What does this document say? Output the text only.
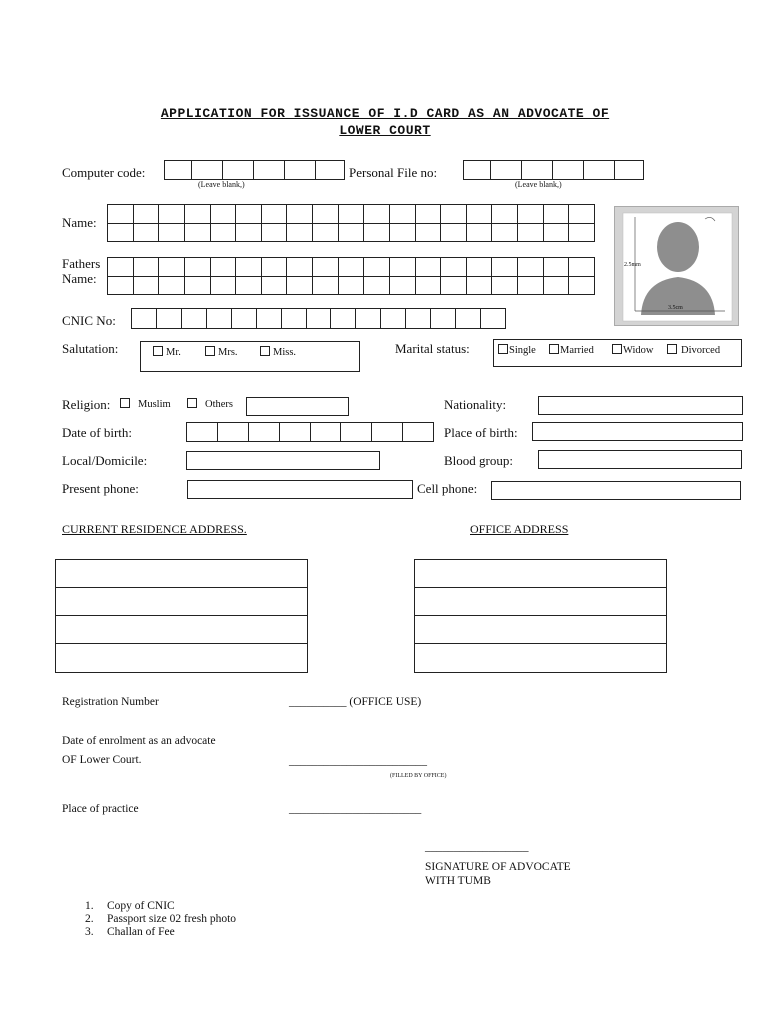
APPLICATION FOR ISSUANCE OF I.D CARD AS AN ADVOCATE OF
LOWER COURT
Computer code:
(Leave blank,)
Personal File no:
(Leave blank,)
Name:
Fathers
Name:
2.5mm
3.5cm
CNIC No:
Salutation:	Mr.	Mrs.	Miss.	Marital status:	Single	Married	Widow	Divorced
Religion:	Muslim	Others	Nationality:
Date of birth:	Place of birth:
Local/Domicile:	Blood group:
Present phone:	Cell phone:
CURRENT RESIDENCE ADDRESS.	OFFICE ADDRESS
Registration Number	__________ (OFFICE USE)
Date of enrolment as an advocate
OF Lower Court.	________________________
(FILLED BY OFFICE)
Place of practice	_______________________
__________________
SIGNATURE OF ADVOCATE
WITH TUMB
1. Copy of CNIC
2. Passport size 02 fresh photo
3. Challan of Fee
